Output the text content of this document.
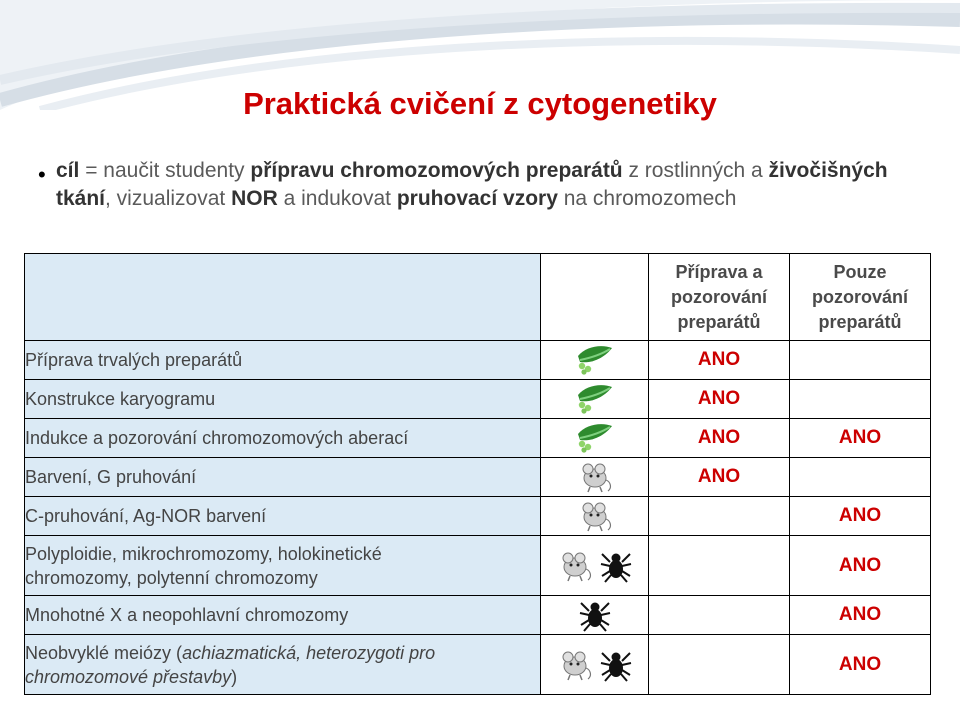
Praktická cvičení z cytogenetiky
• cíl = naučit studenty přípravu chromozomových preparátů z rostlinných a živočišných tkání, vizualizovat NOR a indukovat pruhovací vzory na chromozomech
		Příprava a pozorování preparátů	Pouze pozorování preparátů
Příprava trvalých preparátů		ANO	
Konstrukce karyogramu		ANO	
Indukce a pozorování chromozomových aberací		ANO	ANO
Barvení, G pruhování		ANO	
C-pruhování, Ag-NOR barvení			ANO
Polyploidie, mikrochromozomy, holokinetické
chromozomy, polytenní chromozomy			ANO
Mnohotné X a neopohlavní chromozomy			ANO
Neobvyklé meiózy (achiazmatická, heterozygoti pro
chromozomové přestavby)			ANO
